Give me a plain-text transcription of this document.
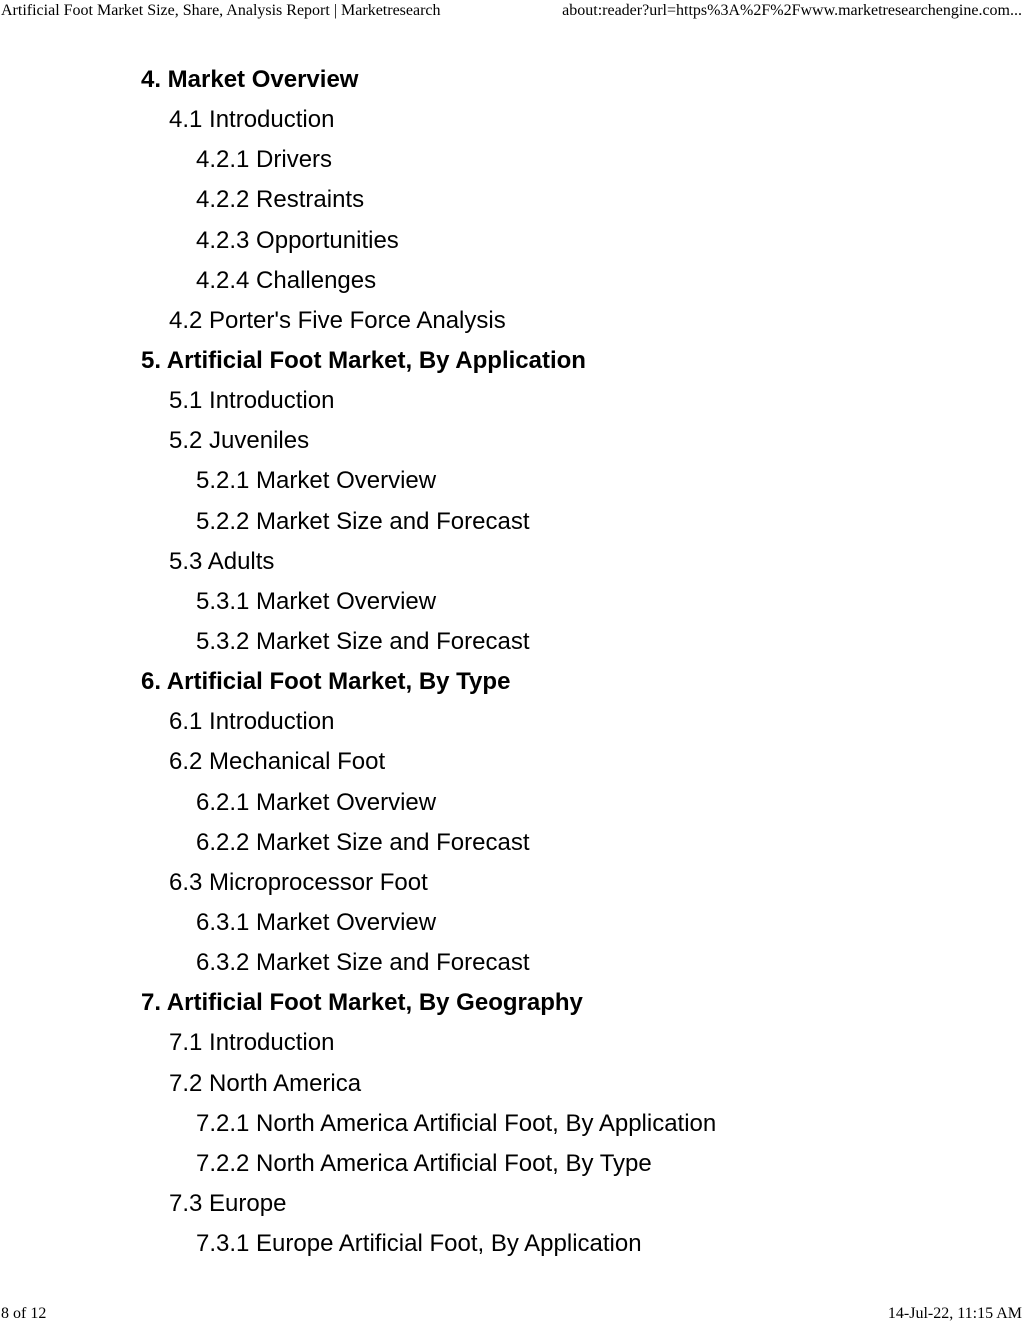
Artificial Foot Market Size, Share, Analysis Report | Marketresearch	about:reader?url=https%3A%2F%2Fwww.marketresearchengine.com...
4. Market Overview
4.1 Introduction
4.2.1 Drivers
4.2.2 Restraints
4.2.3 Opportunities
4.2.4 Challenges
4.2 Porter's Five Force Analysis
5. Artificial Foot Market, By Application
5.1 Introduction
5.2 Juveniles
5.2.1 Market Overview
5.2.2 Market Size and Forecast
5.3 Adults
5.3.1 Market Overview
5.3.2 Market Size and Forecast
6. Artificial Foot Market, By Type
6.1 Introduction
6.2 Mechanical Foot
6.2.1 Market Overview
6.2.2 Market Size and Forecast
6.3 Microprocessor Foot
6.3.1 Market Overview
6.3.2 Market Size and Forecast
7. Artificial Foot Market, By Geography
7.1 Introduction
7.2 North America
7.2.1 North America Artificial Foot, By Application
7.2.2 North America Artificial Foot, By Type
7.3 Europe
7.3.1 Europe Artificial Foot, By Application
8 of 12	14-Jul-22, 11:15 AM
